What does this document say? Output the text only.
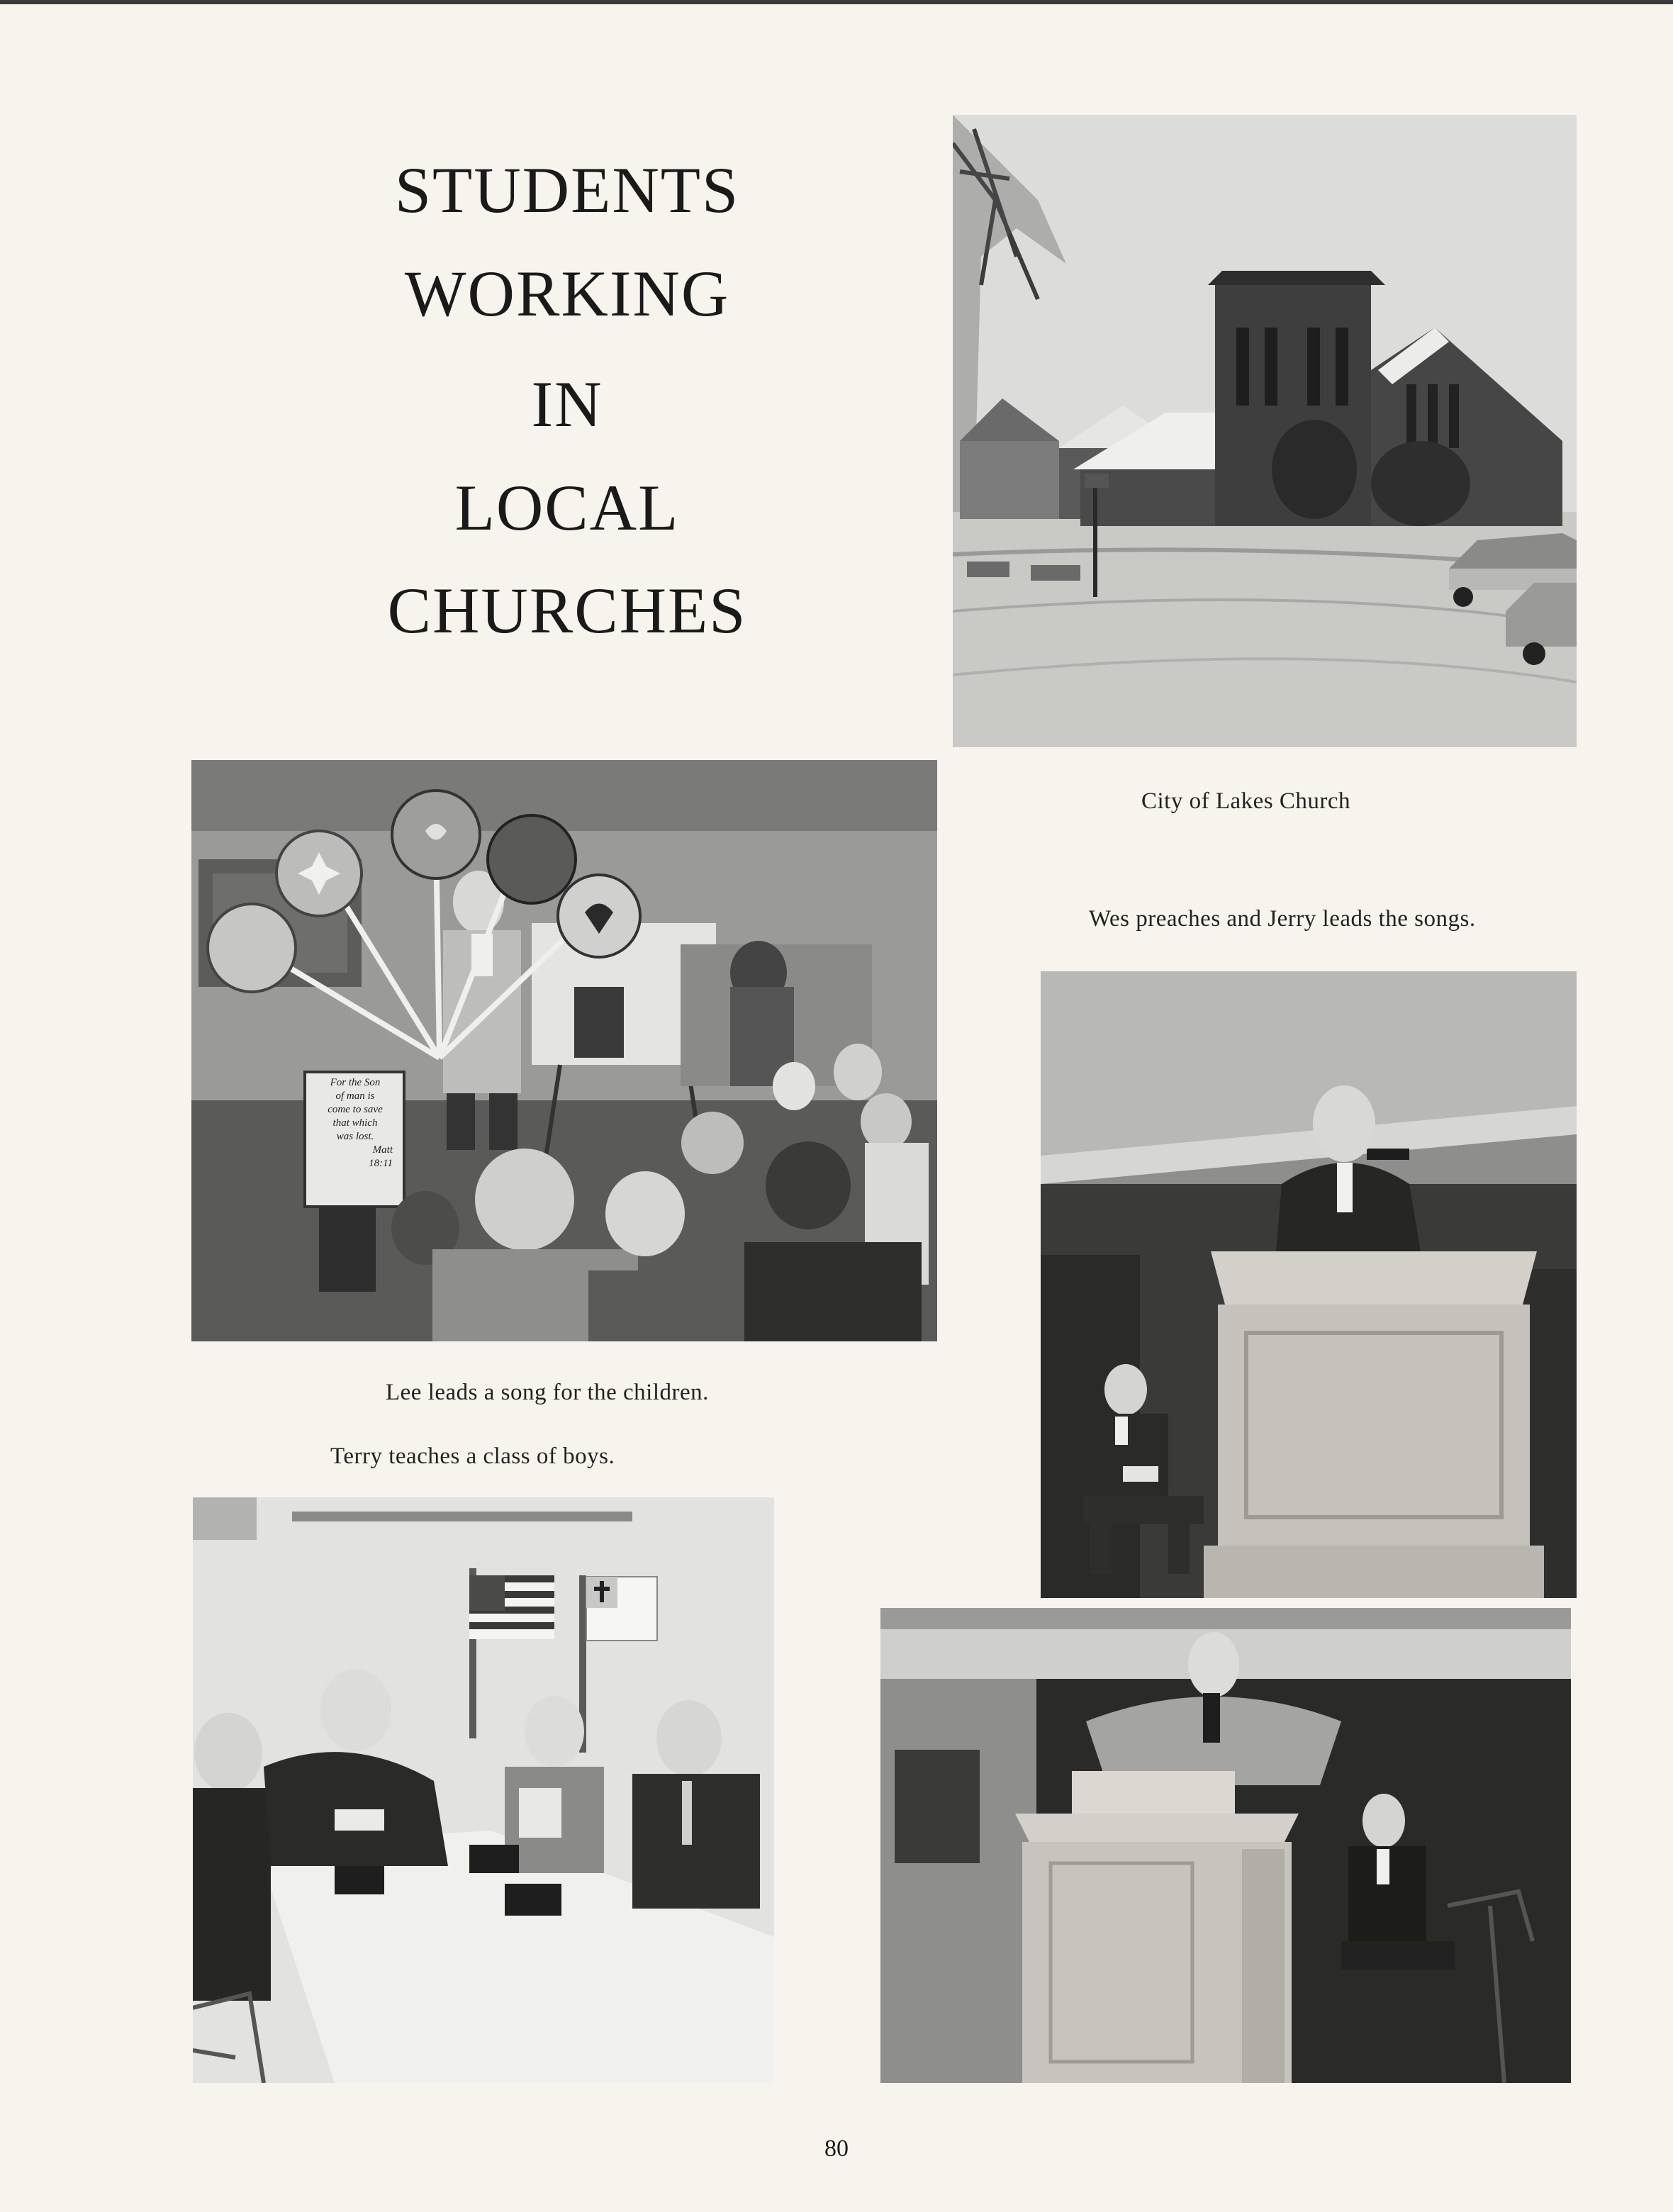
STUDENTS
WORKING
IN
LOCAL
CHURCHES
City of Lakes Church
For the Son
of man is
come to save
that which
was lost.
Matt
18:11
Wes preaches and Jerry leads the songs.
Lee leads a song for the children.
Terry teaches a class of boys.
80
